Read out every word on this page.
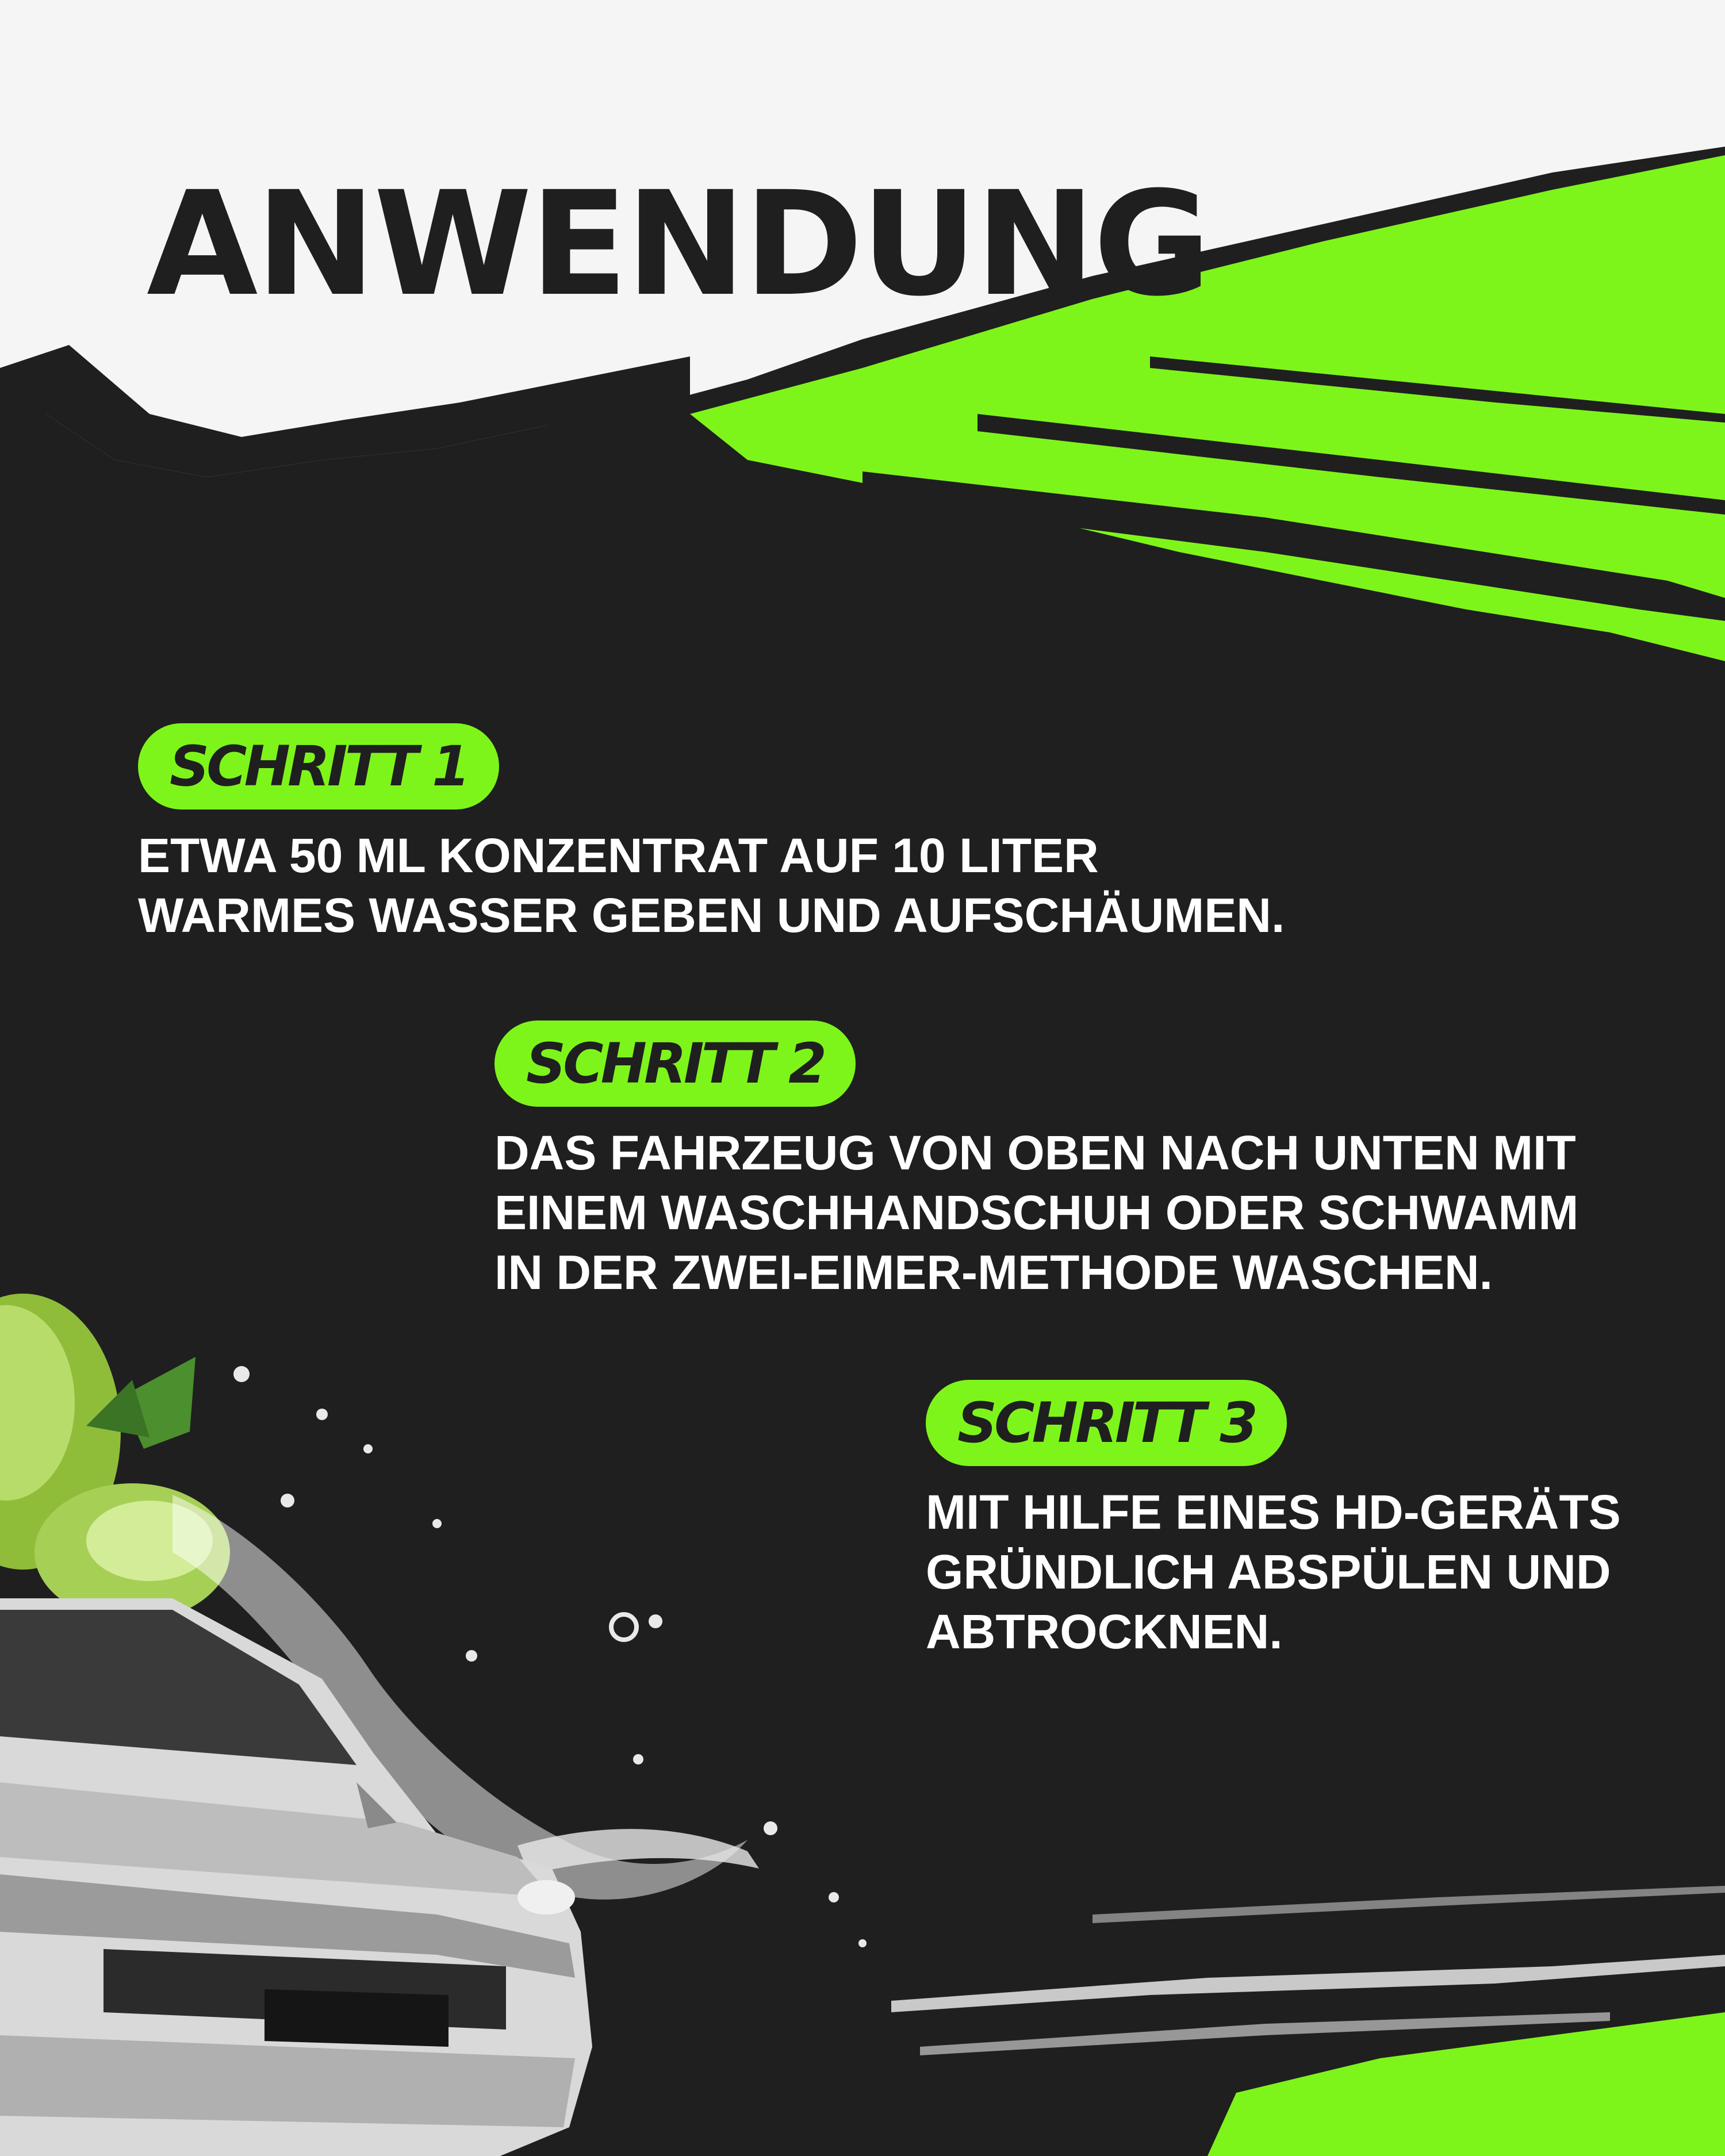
ANWENDUNG
SCHRITT 1
ETWA 50 ML KONZENTRAT AUF 10 LITER
WARMES WASSER GEBEN UND AUFSCHÄUMEN.
SCHRITT 2
DAS FAHRZEUG VON OBEN NACH UNTEN MIT
EINEM WASCHHANDSCHUH ODER SCHWAMM
IN DER ZWEI-EIMER-METHODE WASCHEN.
SCHRITT 3
MIT HILFE EINES HD-GERÄTS
GRÜNDLICH ABSPÜLEN UND
ABTROCKNEN.
